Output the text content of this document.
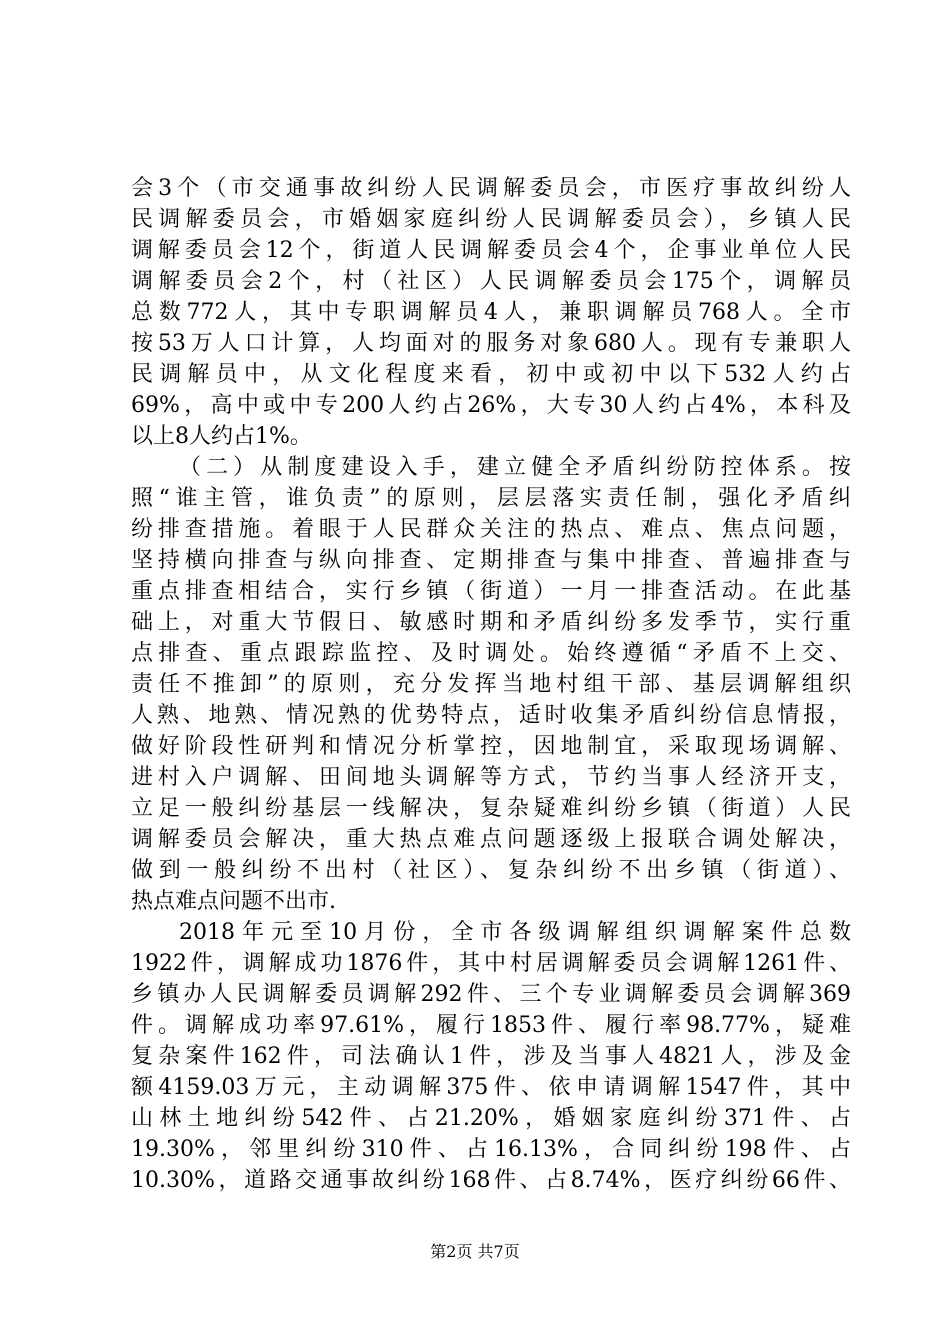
会3个（市交通事故纠纷人民调解委员会，市医疗事故纠纷人
民调解委员会，市婚姻家庭纠纷人民调解委员会），乡镇人民
调解委员会12个，街道人民调解委员会4个，企事业单位人民
调解委员会2个，村（社区）人民调解委员会175个，调解员
总数772人，其中专职调解员4人，兼职调解员768人。全市
按53万人口计算，人均面对的服务对象680人。现有专兼职人
民调解员中，从文化程度来看，初中或初中以下532人约占
69%，高中或中专200人约占26%，大专30人约占4%，本科及
以上8人约占1%。
（二）从制度建设入手，建立健全矛盾纠纷防控体系。按
照“谁主管，谁负责”的原则，层层落实责任制，强化矛盾纠
纷排查措施。着眼于人民群众关注的热点、难点、焦点问题，
坚持横向排查与纵向排查、定期排查与集中排查、普遍排查与
重点排查相结合，实行乡镇（街道）一月一排查活动。在此基
础上，对重大节假日、敏感时期和矛盾纠纷多发季节，实行重
点排查、重点跟踪监控、及时调处。始终遵循“矛盾不上交、
责任不推卸”的原则，充分发挥当地村组干部、基层调解组织
人熟、地熟、情况熟的优势特点，适时收集矛盾纠纷信息情报，
做好阶段性研判和情况分析掌控，因地制宜，采取现场调解、
进村入户调解、田间地头调解等方式，节约当事人经济开支，
立足一般纠纷基层一线解决，复杂疑难纠纷乡镇（街道）人民
调解委员会解决，重大热点难点问题逐级上报联合调处解决，
做到一般纠纷不出村（社区）、复杂纠纷不出乡镇（街道）、
热点难点问题不出市.
2018年元至10月份，全市各级调解组织调解案件总数
1922件，调解成功1876件，其中村居调解委员会调解1261件、
乡镇办人民调解委员调解292件、三个专业调解委员会调解369
件。调解成功率97.61%，履行1853件、履行率98.77%，疑难
复杂案件162件，司法确认1件，涉及当事人4821人，涉及金
额4159.03万元，主动调解375件、依申请调解1547件，其中
山林土地纠纷542件、占21.20%，婚姻家庭纠纷371件、占
19.30%，邻里纠纷310件、占16.13%，合同纠纷198件、占
10.30%，道路交通事故纠纷168件、占8.74%，医疗纠纷66件、
第2页 共7页
